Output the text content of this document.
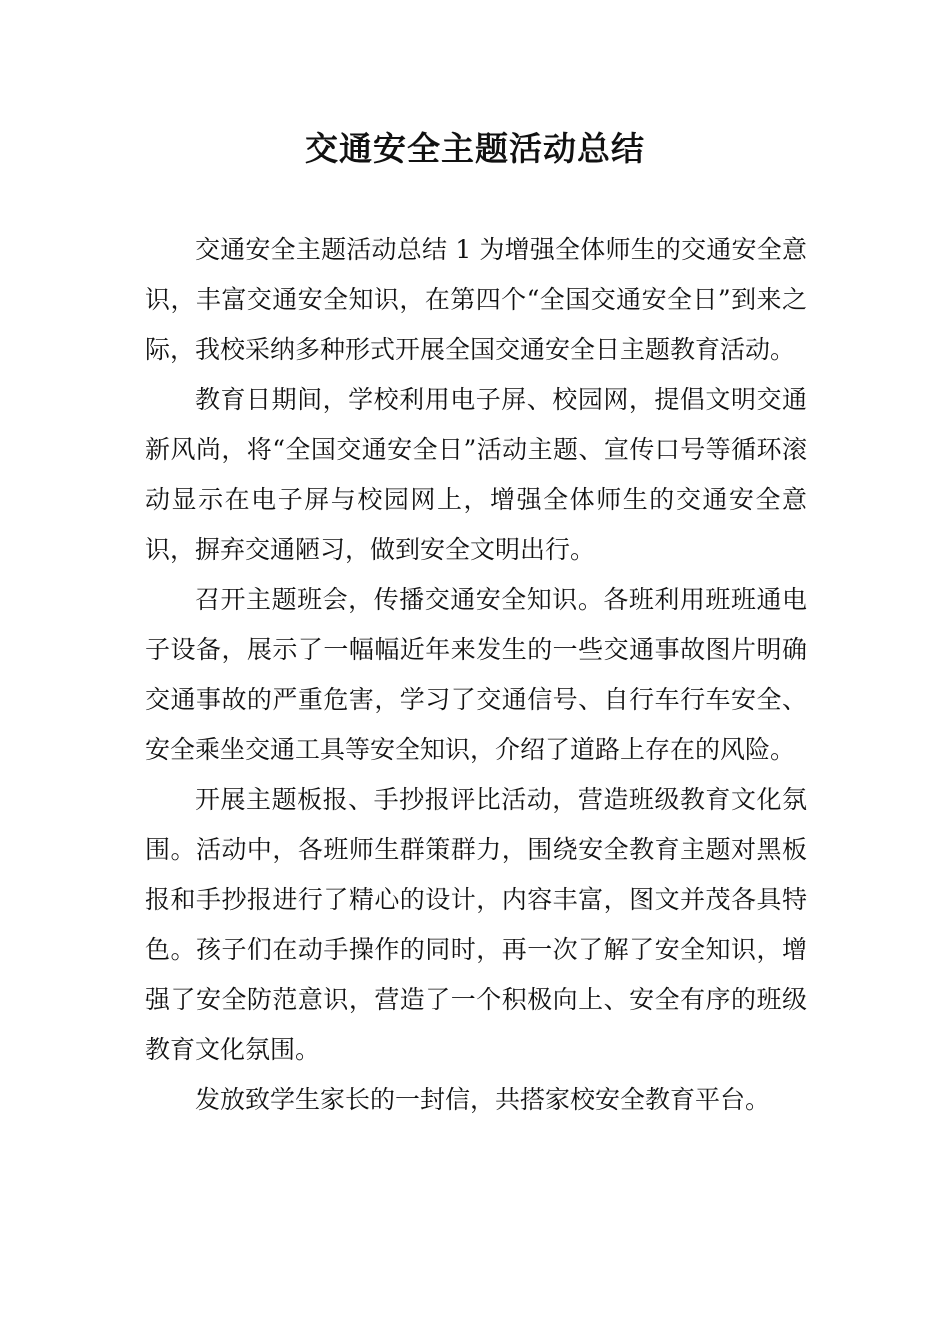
交通安全主题活动总结

交通安全主题活动总结 1 为增强全体师生的交通安全意识，丰富交通安全知识，在第四个“全国交通安全日”到来之际，我校采纳多种形式开展全国交通安全日主题教育活动。

教育日期间，学校利用电子屏、校园网，提倡文明交通新风尚，将“全国交通安全日”活动主题、宣传口号等循环滚动显示在电子屏与校园网上，增强全体师生的交通安全意识，摒弃交通陋习，做到安全文明出行。

召开主题班会，传播交通安全知识。各班利用班班通电子设备，展示了一幅幅近年来发生的一些交通事故图片明确交通事故的严重危害，学习了交通信号、自行车行车安全、安全乘坐交通工具等安全知识，介绍了道路上存在的风险。

开展主题板报、手抄报评比活动，营造班级教育文化氛围。活动中，各班师生群策群力，围绕安全教育主题对黑板报和手抄报进行了精心的设计，内容丰富，图文并茂各具特色。孩子们在动手操作的同时，再一次了解了安全知识，增强了安全防范意识，营造了一个积极向上、安全有序的班级教育文化氛围。

发放致学生家长的一封信，共搭家校安全教育平台。
